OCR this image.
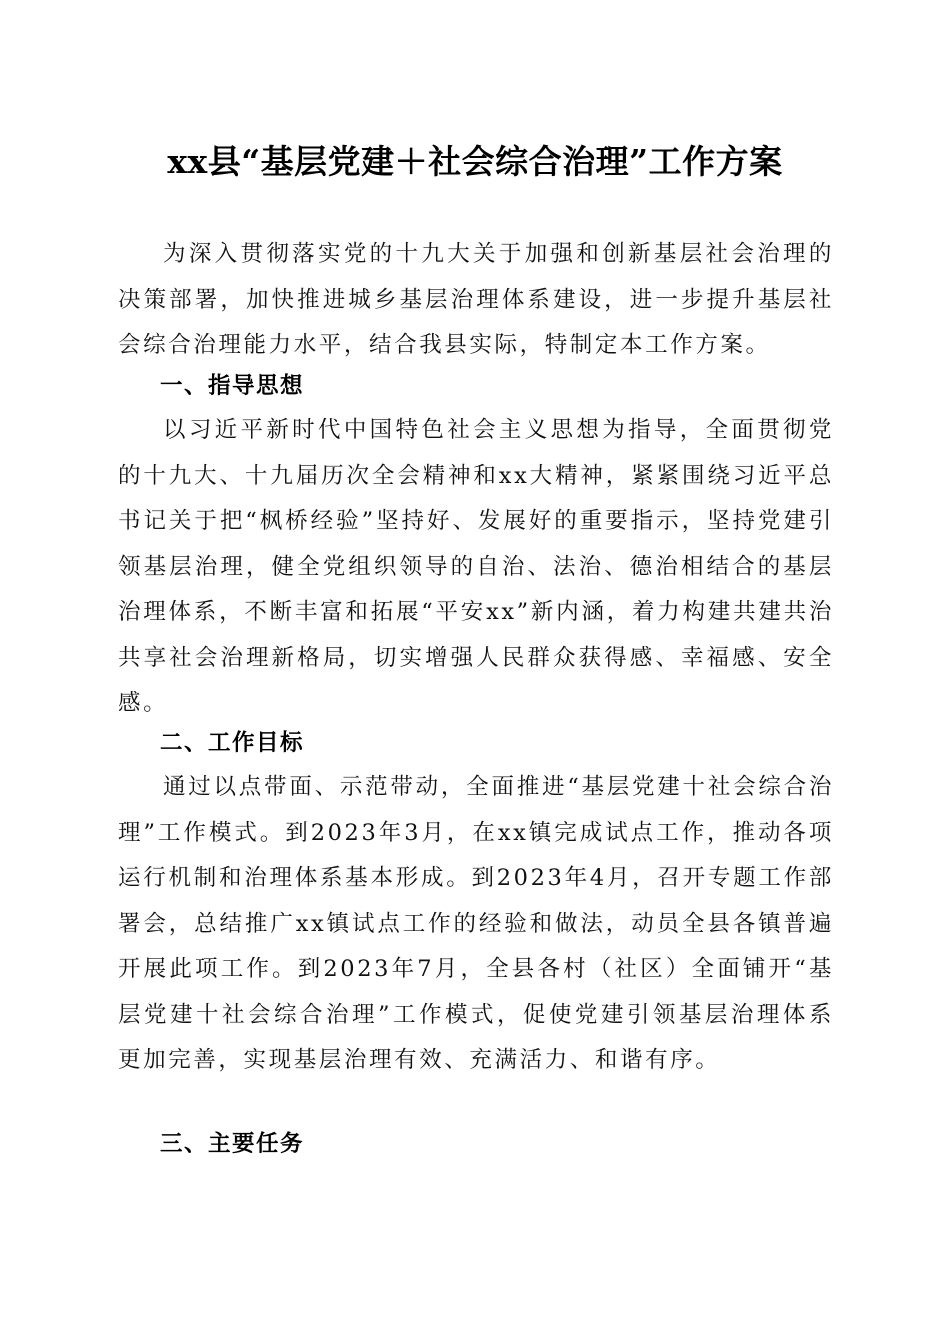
xx县“基层党建＋社会综合治理”工作方案

为深入贯彻落实党的十九大关于加强和创新基层社会治理的决策部署，加快推进城乡基层治理体系建设，进一步提升基层社会综合治理能力水平，结合我县实际，特制定本工作方案。

一、指导思想

以习近平新时代中国特色社会主义思想为指导，全面贯彻党的十九大、十九届历次全会精神和xx大精神，紧紧围绕习近平总书记关于把“枫桥经验”坚持好、发展好的重要指示，坚持党建引领基层治理，健全党组织领导的自治、法治、德治相结合的基层治理体系，不断丰富和拓展“平安xx”新内涵，着力构建共建共治共享社会治理新格局，切实增强人民群众获得感、幸福感、安全感。

二、工作目标

通过以点带面、示范带动，全面推进“基层党建十社会综合治理”工作模式。到2023年3月，在xx镇完成试点工作，推动各项运行机制和治理体系基本形成。到2023年4月，召开专题工作部署会，总结推广xx镇试点工作的经验和做法，动员全县各镇普遍开展此项工作。到2023年7月，全县各村（社区）全面铺开“基层党建十社会综合治理”工作模式，促使党建引领基层治理体系更加完善，实现基层治理有效、充满活力、和谐有序。

三、主要任务
